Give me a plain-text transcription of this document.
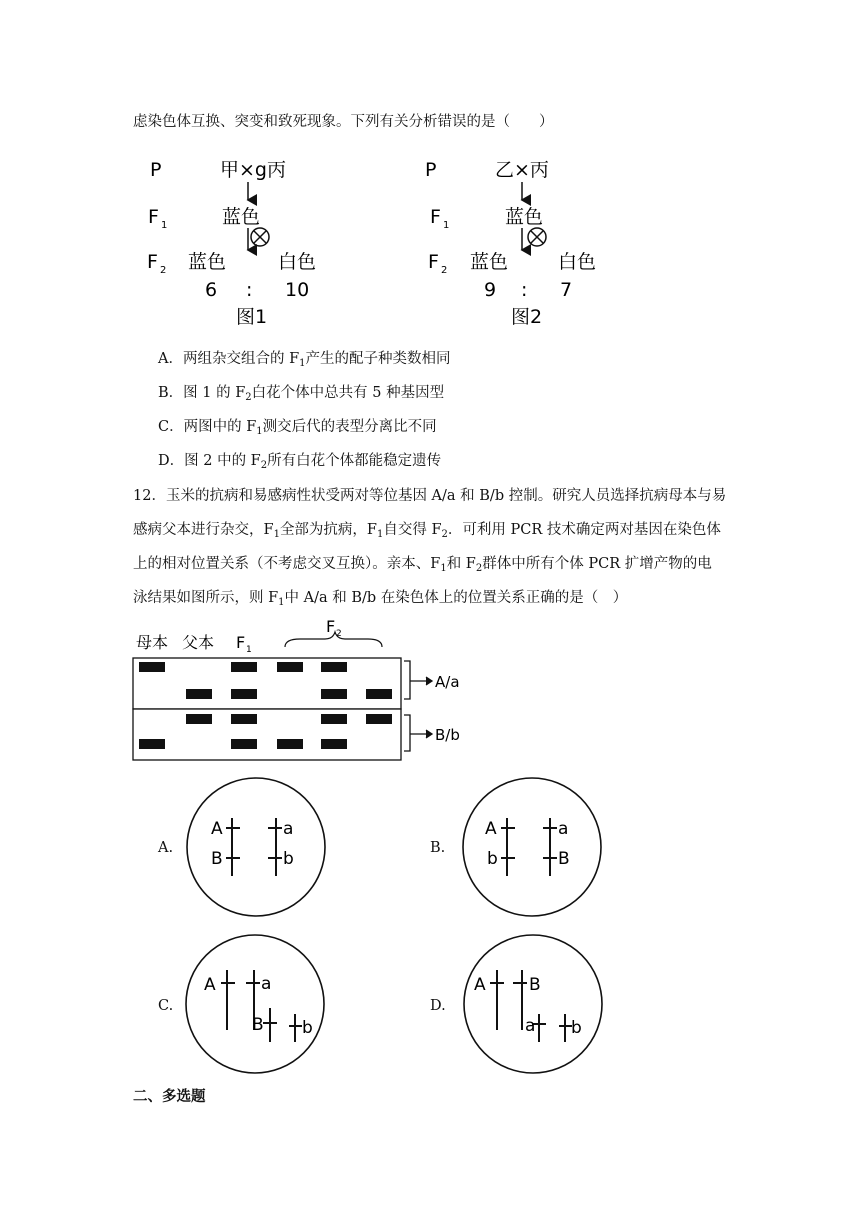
虑染色体互换、突变和致死现象。下列有关分析错误的是（　　）
P	甲×g丙
F 1	蓝色
F 2 蓝色	白色
6 : 10
图1
P	乙×丙
F 1	蓝色
F 2 蓝色	白色
9 : 7
图2
A．两组杂交组合的 $F_1$产生的配子种类数相同
B．图 1 的 $F_2$白花个体中总共有 5 种基因型
C．两图中的 $F_1$测交后代的表型分离比不同
D．图 2 中的 $F_2$所有白花个体都能稳定遗传
12．玉米的抗病和易感病性状受两对等位基因 A/a 和 B/b 控制。研究人员选择抗病母本与易
感病父本进行杂交，$F_1$全部为抗病，$F_1$自交得 $F_2$．可利用 PCR 技术确定两对基因在染色体
上的相对位置关系（不考虑交叉互换）。亲本、$F_1$和 $F_2$群体中所有个体 PCR 扩增产物的电
泳结果如图所示，则 $F_1$中 A/a 和 B/b 在染色体上的位置关系正确的是（　）
母本 父本 F 1
F 2
A/a
B/b
A.	B.
C.	D.
A	a
B	b
A	a
b	B
A	a
B b
A	B
a b
二、多选题
